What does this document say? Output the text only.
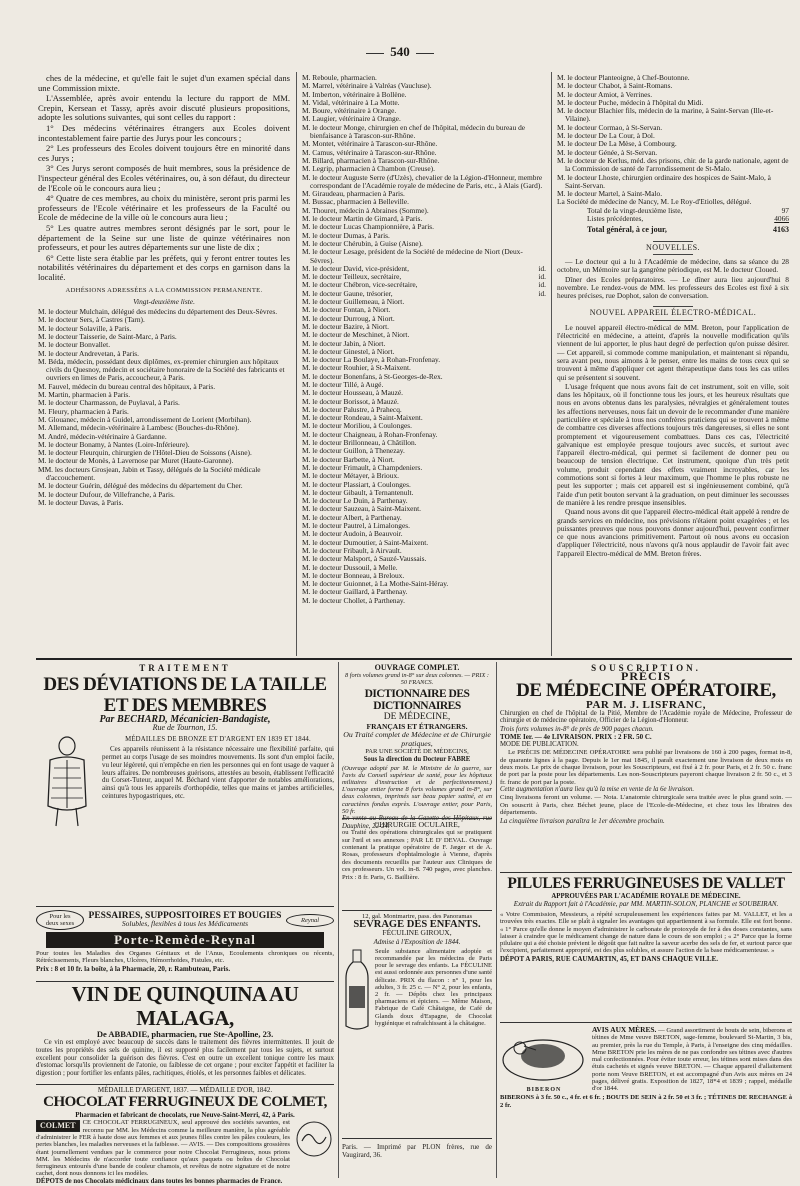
540

ches de la médecine, et qu'elle fait le sujet d'un examen spécial dans une Commission mixte.

L'Assemblée, après avoir entendu la lecture du rapport de MM. Crepin, Kersean et Tassy, après avoir discuté plusieurs propositions, adopte les solutions suivantes, qui sont celles du rapport :

1° Des médecins vétérinaires étrangers aux Ecoles doivent incontestablement faire partie des Jurys pour les concours ;

2° Les professeurs des Ecoles doivent toujours être en minorité dans ces Jurys ;

3° Ces Jurys seront composés de huit membres, sous la présidence de l'inspecteur général des Ecoles vétérinaires, ou, à son défaut, du directeur de l'Ecole où le concours aura lieu ;

4° Quatre de ces membres, au choix du ministère, seront pris parmi les professeurs de l'Ecole vétérinaire et les professeurs de la Faculté ou Ecole de médecine de la ville où le concours aura lieu ;

5° Les quatre autres membres seront désignés par le sort, pour le département de la Seine sur une liste de quinze vétérinaires non professeurs, et pour les autres départements sur une liste de dix ;

6° Cette liste sera établie par les préfets, qui y feront entrer toutes les notabilités vétérinaires du département et des corps en garnison dans la localité.

ADHÉSIONS ADRESSÉES A LA COMMISSION PERMANENTE.
Vingt-deuxième liste.
M. le docteur Mulchain, délégué des médecins du département des Deux-Sèvres.
M. le docteur Sers, à Castres (Tarn).
M. le docteur Solaville, à Paris.
M. le docteur Taisserie, de Saint-Marc, à Paris.
M. le docteur Bonvallet.
M. le docteur Andrevetan, à Paris.
M. Béda, médecin, possédant deux diplômes, ex-premier chirurgien aux hôpitaux civils du Quesnoy, médecin et sociétaire honoraire de la Société des fabricants et ouvriers en limes de Paris, accoucheur, à Paris.
M. Fauvel, médecin du bureau central des hôpitaux, à Paris.
M. Martin, pharmacien à Paris.
M. le docteur Charmasson, de Puylaval, à Paris.
M. Fleury, pharmacien à Paris.
M. Glouanec, médecin à Guidel, arrondissement de Lorient (Morbihan).
M. Allemand, médecin-vétérinaire à Lambesc (Bouches-du-Rhône).
M. André, médecin-vétérinaire à Gardanne.
M. le docteur Bonamy, à Nantes (Loire-Inférieure).
M. le docteur Fleurquin, chirurgien de l'Hôtel-Dieu de Soissons (Aisne).
M. le docteur de Monès, à Lavernose par Muret (Haute-Garonne).
MM. les docteurs Grosjean, Jabin et Tassy, délégués de la Société médicale d'accouchement.
M. le docteur Guérin, délégué des médecins du département du Cher.
M. le docteur Dufour, de Villefranche, à Paris.
M. le docteur Davas, à Paris.
M. Reboule, pharmacien.
M. Marrel, vétérinaire à Valréas (Vaucluse).
M. Imberton, vétérinaire à Bollène.
M. Vidal, vétérinaire à La Motte.
M. Boure, vétérinaire à Orange.
M. Laugier, vétérinaire à Orange.
M. le docteur Monge, chirurgien en chef de l'hôpital, médecin du bureau de bienfaisance à Tarascon-sur-Rhône.
M. Montet, vétérinaire à Tarascon-sur-Rhône.
M. Camus, vétérinaire à Tarascon-sur-Rhône.
M. Billard, pharmacien à Tarascon-sur-Rhône.
M. Legrip, pharmacien à Chambon (Creuse).
M. le docteur Auguste Serre (d'Uzès), chevalier de la Légion-d'Honneur, membre correspondant de l'Académie royale de médecine de Paris, etc., à Alais (Gard).
M. Giraudeau, pharmacien à Paris.
M. Bussac, pharmacien à Belleville.
M. Thouret, médecin à Abraines (Somme).
M. le docteur Martin de Gimard, à Paris.
M. le docteur Lucas Championnière, à Paris.
M. le docteur Dumas, à Paris.
M. le docteur Chérubin, à Guise (Aisne).
M. le docteur Lesage, président de la Société de médecine de Niort (Deux-Sèvres).
M. le docteur David, vice-président,	id.
M. le docteur Teilleux, secrétaire,	id.
M. le docteur Chébron, vice-secrétaire,	id.
M. le docteur Gaune, trésorier,	id.
M. le docteur Guillemeau, à Niort.
M. le docteur Fontan, à Niort.
M. le docteur Durroug, à Niort.
M. le docteur Bazire, à Niort.
M. le docteur de Meschinet, à Niort.
M. le docteur Jabin, à Niort.
M. le docteur Ginestel, à Niort.
M. le docteur La Boulaye, à Rohan-Fronfenay.
M. le docteur Rouhier, à St-Maixent.
M. le docteur Bonenfans, à St-Georges-de-Rex.
M. le docteur Tillé, à Augé.
M. le docteur Housseau, à Mauzé.
M. le docteur Borissot, à Mauzé.
M. le docteur Palustre, à Prahecq.
M. le docteur Rondeau, à Saint-Maixent.
M. le docteur Moriliou, à Coulonges.
M. le docteur Chaigneau, à Rohan-Fronfenay.
M. le docteur Brillonneau, à Châtillon.
M. le docteur Guillon, à Thenezay.
M. le docteur Barbette, à Niort.
M. le docteur Frimault, à Champdeniers.
M. le docteur Métayer, à Brioux.
M. le docteur Plassiart, à Coulonges.
M. le docteur Gibault, à Ternantenult.
M. le docteur Le Duin, à Parthenay.
M. le docteur Sauzeau, à Saint-Maixent.
M. le docteur Albert, à Parthenay.
M. le docteur Pautrel, à Limalonges.
M. le docteur Audoin, à Beauvoir.
M. le docteur Dumoutier, à Saint-Maixent.
M. le docteur Fribault, à Airvault.
M. le docteur Malsport, à Sauzé-Vaussais.
M. le docteur Dussouil, à Melle.
M. le docteur Bonneau, à Breloux.
M. le docteur Guionnet, à La Mothe-Saint-Héray.
M. le docteur Gaillard, à Parthenay.
M. le docteur Chollet, à Parthenay.
M. le docteur Planteoigne, à Chef-Boutonne.
M. le docteur Chabot, à Saint-Romans.
M. le docteur Amiot, à Verrines.
M. le docteur Puche, médecin à l'hôpital du Midi.
M. le docteur Blachier fils, médecin de la marine, à Saint-Servan (Ille-et-Vilaine).
M. le docteur Cormao, à St-Servan.
M. le docteur De La Cour, à Dol.
M. le docteur De La Mèse, à Combourg.
M. le docteur Génée, à St-Servan.
M. le docteur de Kerlus, méd. des prisons, chir. de la garde nationale, agent de la Commission de santé de l'arrondissement de St-Malo.
M. le docteur Lhoste, chirurgien ordinaire des hospices de Saint-Malo, à Saint-Servan.
M. le docteur Martel, à Saint-Malo.
La Société de médecine de Nancy, M. Le Roy-d'Etiolles, délégué.
Total de la vingt-deuxième liste,	97
Listes précédentes,	4066
Total général, à ce jour,	4163
NOUVELLES.

— Le docteur qui a lu à l'Académie de médecine, dans sa séance du 28 octobre, un Mémoire sur la gangrène périodique, est M. le docteur Cloued.

Dîner des Ecoles préparatoires. — Le dîner aura lieu aujourd'hui 8 novembre. Le rendez-vous de MM. les professeurs des Ecoles est fixé à six heures précises, rue Dophot, salon de conversation.

NOUVEL APPAREIL ÉLECTRO-MÉDICAL.

Le nouvel appareil électro-médical de MM. Breton, pour l'application de l'électricité en médecine, a atteint, d'après la nouvelle modification qu'ils viennent de lui apporter, le plus haut degré de perfection qu'on puisse désirer. — Cet appareil, si commode comme manipulation, et maintenant si répandu, sera avant peu, nous aimons à le penser, entre les mains de tous ceux qui se trouvent à même d'appliquer cet agent thérapeutique dans tous les cas utiles qui se présentent si souvent.

L'usage fréquent que nous avons fait de cet instrument, soit en ville, soit dans les hôpitaux, où il fonctionne tous les jours, et les heureux résultats que nous en avons obtenus dans les paralysies, névralgies et généralement toutes les affections nerveuses, nous fait un devoir de le recommander d'une manière particulière et spéciale à tous nos confrères praticiens qui se trouvent à même de combattre ces diverses affections toujours très dangereuses, si elles ne sont promptement et vigoureusement combattues. Dans ces cas, l'électricité galvanique est employée presque toujours avec succès, et surtout avec l'appareil électro-médical, qui permet si facilement de donner peu ou beaucoup de tension électrique. Cet instrument, quoique d'un très petit volume, produit cependant des effets vraiment incroyables, car les commotions sont si fortes à leur maximum, que l'homme le plus robuste ne peut les supporter ; mais cet appareil est si ingénieusement combiné, qu'à l'aide d'un petit bouton servant à la graduation, on peut diminuer les secousses de manière à les rendre presque insensibles.

Quand nous avons dit que l'appareil électro-médical était appelé à rendre de grands services en médecine, nos prévisions n'étaient point exagérées ; et les puissantes preuves que nous pouvons donner aujourd'hui, peuvent confirmer ce que nous avancions primitivement. Partout où nous avons eu occasion d'appliquer l'électricité, nous n'avons qu'à nous applaudir de l'avoir fait avec l'appareil Electro-médical de MM. Breton frères.

TRAITEMENT
DES DÉVIATIONS DE LA TAILLE ET DES MEMBRES
Par BECHARD, Mécanicien-Bandagiste,
Rue de Tournon, 15.
MÉDAILLES DE BRONZE ET D'ARGENT EN 1839 ET 1844.

Ces appareils réunissent à la résistance nécessaire une flexibilité parfaite, qui permet au corps l'usage de ses moindres mouvements. Ils sont d'un emploi facile, vu leur légèreté, qui n'empêche en rien les personnes qui en font usage de vaquer à leurs affaires. De nombreuses guérisons, attestées au besoin, établissent l'efficacité du Corset-Tuteur, auquel M. Béchard vient d'apporter de notables améliorations, ainsi qu'à tous les appareils d'orthopédie, telles que mains et jambes artificielles, ceintures hypogastriques, etc.

Pour les deux sexes
PESSAIRES, SUPPOSITOIRES ET BOUGIES
Solubles, flexibles à tous les Médicaments	Reynal
Porte-Remède-Reynal

Pour toutes les Maladies des Organes Génitaux et de l'Anus, Ecoulements chroniques ou récents, Rétrécissements, Fleurs blanches, Ulcères, Hémorrhoïdes, Fistules, etc.

Prix : 8 et 10 fr. la boîte, à la Pharmacie, 20, r. Rambuteau, Paris.

VIN DE QUINQUINA AU MALAGA,
De ABBADIE, pharmacien, rue Ste-Apolline, 23.

Ce vin est employé avec beaucoup de succès dans le traitement des fièvres intermittentes. Il jouit de toutes les propriétés des sels de quinine, il est supporté plus facilement par tous les sujets, et surtout excellent pour consolider la guérison des fièvres. C'est en outre un excellent tonique contre les maux d'estomac lorsqu'ils proviennent de l'atonie, ou faiblesse de cet organe ; pour exciter l'appétit et faciliter la digestion ; pour fortifier les enfants pâles, rachitiques, étiolés, et les personnes faibles et délicates.

MÉDAILLE D'ARGENT, 1837. — MÉDAILLE D'OR, 1842.
CHOCOLAT FERRUGINEUX DE COLMET,
Pharmacien et fabricant de chocolats, rue Neuve-Saint-Merri, 42, à Paris.

COLMET	CE CHOCOLAT FERRUGINEUX, seul approuvé des sociétés savantes, est reconnu par MM. les Médecins comme la meilleure manière, la plus agréable d'administrer le FER à haute dose aux femmes et aux jeunes filles contre les pâles couleurs, les pertes blanches, les maladies nerveuses et la faiblesse. — AVIS. — Des compositions grossières étant journellement vendues par le commerce pour notre Chocolat Ferrugineux, nous prions MM. les Médecins de n'accorder toute confiance qu'aux paquets ou boîtes de Chocolat ferrugineux entourés d'une bande de couleur chamois, et revêtus de notre signature et de notre cachet, dont nous donnons ici les modèles.

DÉPOTS de nos Chocolats médicinaux dans toutes les bonnes pharmacies de France.

OUVRAGE COMPLET.
8 forts volumes grand in-8° sur deux colonnes. — PRIX : 50 FRANCS.
DICTIONNAIRE DES DICTIONNAIRES
DE MÉDECINE,
FRANÇAIS ET ÉTRANGERS.
Ou Traité complet de Médecine et de Chirurgie pratiques,
PAR UNE SOCIÉTÉ DE MÉDECINS,
Sous la direction du Docteur FABRE

(Ouvrage adopté par M. le Ministre de la guerre, sur l'avis du Conseil supérieur de santé, pour les hôpitaux militaires d'instruction et de perfectionnement.) L'ouvrage entier forme 8 forts volumes grand in-8°, sur deux colonnes, imprimés sur beau papier satiné, et en caractères fondus exprès. L'ouvrage entier, pour Paris, 50 fr.

En vente au Bureau de la Gazette des Hôpitaux, rue Dauphine, 22-24.

CHIRURGIE OCULAIRE,

ou Traité des opérations chirurgicales qui se pratiquent sur l'œil et ses annexes ; PAR LE D' DEVAL. Ouvrage contenant la pratique opératoire de F. Jæger et de A. Rosas, professeurs d'ophtalmologie à Vienne, d'après des documents recueillis par l'auteur aux Cliniques de ces professeurs. Un vol. in-8. 740 pages, avec planches. Prix : 8 fr. Paris, G. Baillière.

12, gal. Montmartre, pass. des Panoramas
SEVRAGE DES ENFANTS.
FÉCULINE GIROUX,
Admise à l'Exposition de 1844.

Seule substance alimentaire adoptée et recommandée par les médecins de Paris pour le sevrage des enfants. La FÉCULINE est aussi ordonnée aux personnes d'une santé délicate. PRIX du flacon : n° 1, pour les adultes, 3 fr. 25 c. — N° 2, pour les enfants, 2 fr. — Dépôts chez les principaux pharmaciens et épiciers. — Même Maison, Fabrique de Café Châtaigne, de Café de Glands doux d'Espagne, de Chocolat hygiénique et rafraîchissant à la châtaigne.

Paris. — Imprimé par PLON frères, rue de Vaugirard, 36.

SOUSCRIPTION.
PRÉCIS
DE MÉDECINE OPÉRATOIRE,
PAR M. J. LISFRANC,

Chirurgien en chef de l'hôpital de la Pitié, Membre de l'Académie royale de Médecine, Professeur de chirurgie et de médecine opératoire, Officier de la Légion-d'Honneur.

Trois forts volumes in-8° de près de 900 pages chacun.

TOME Ier. — 4e LIVRAISON. PRIX : 2 FR. 50 C.

MODE DE PUBLICATION.

Le PRÉCIS DE MÉDECINE OPÉRATOIRE sera publié par livraisons de 160 à 200 pages, format in-8, de quarante lignes à la page. Depuis le 1er mai 1845, il paraît exactement une livraison de deux mois en deux mois. Le prix de chaque livraison, pour les Souscripteurs, est fixé à 2 fr. pour Paris, et 2 fr. 50 c. franc de port par la poste pour les départements. Les non-Souscripteurs payeront chaque livraison 2 fr. 50 c., et 3 fr. franc de port par la poste.

Cette augmentation n'aura lieu qu'à la mise en vente de la 6e livraison.

Cinq livraisons feront un volume. — Nota. L'anatomie chirurgicale sera traitée avec le plus grand soin. — On souscrit à Paris, chez Béchet jeune, place de l'Ecole-de-Médecine, et chez tous les libraires des départements.

La cinquième livraison paraîtra le 1er décembre prochain.

PILULES FERRUGINEUSES DE VALLET
APPROUVÉES PAR L'ACADÉMIE ROYALE DE MÉDECINE.
Extrait du Rapport fait à l'Académie, par MM. MARTIN-SOLON, PLANCHE et SOUBEIRAN.

« Votre Commission, Messieurs, a répété scrupuleusement les expériences faites par M. VALLET, et les a trouvées très exactes. Elle se plaît à signaler les avantages qui appartiennent à sa formule. Elle est fort bonne. « 1° Parce qu'elle donne le moyen d'administrer le carbonate de protoxyde de fer à des doses constantes, sans laisser à craindre que le médicament change de nature dans le cours de son emploi ; « 2° Parce que la forme pilulaire qui a été choisie prévient le dégoût que fait naître la saveur acerbe des sels de fer, et surtout parce que l'excipient, parfaitement approprié, est des plus solubles, et assure l'action de la base médicamenteuse. »

DÉPOT A PARIS, RUE CAUMARTIN, 45, ET DANS CHAQUE VILLE.

BIBERON

AVIS AUX MÈRES. — Grand assortiment de bouts de sein, biberons et tétines de Mme veuve BRETON, sage-femme, boulevard St-Martin, 3 bis, au premier, près la rue du Temple, à Paris, à l'enseigne des cinq médailles. Mme BRETON prie les mères de ne pas confondre ses tétines avec d'autres mal confectionnées. Pour éviter toute erreur, les tétines sont mises dans des étuis cachetés et signés veuve BRETON. — Chaque appareil d'allaitement porte nom Veuve BRETON, et est accompagné d'un Avis aux mères en 24 pages, délivré gratis. Exposition de 1827, 18*4 et 1839 ; rappel, médaille d'or 1844.

BIBERONS à 3 fr. 50 c., 4 fr. et 6 fr. ; BOUTS DE SEIN à 2 fr. 50 et 3 fr. ; TÉTINES DE RECHANGE à 2 fr.
